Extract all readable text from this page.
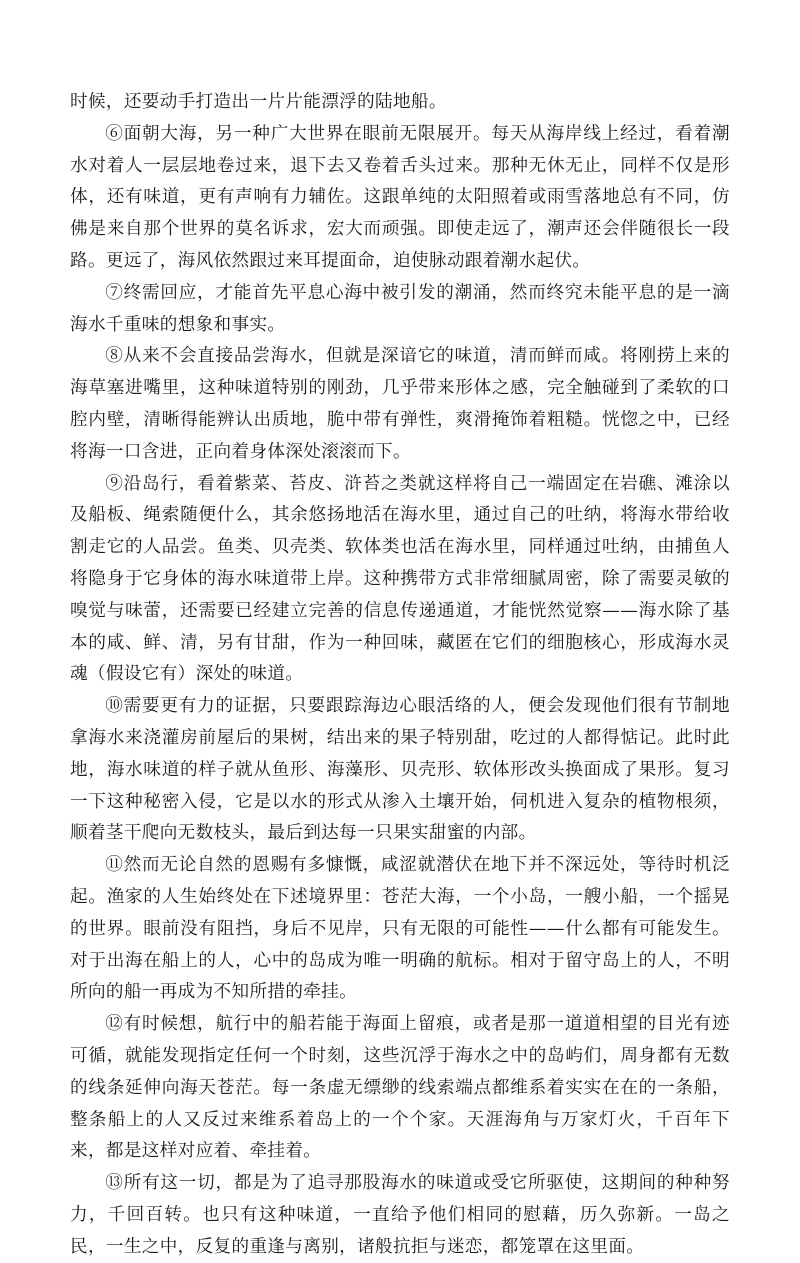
时候，还要动手打造出一片片能漂浮的陆地船。

⑥面朝大海，另一种广大世界在眼前无限展开。每天从海岸线上经过，看着潮水对着人一层层地卷过来，退下去又卷着舌头过来。那种无休无止，同样不仅是形体，还有味道，更有声响有力辅佐。这跟单纯的太阳照着或雨雪落地总有不同，仿佛是来自那个世界的莫名诉求，宏大而顽强。即使走远了，潮声还会伴随很长一段路。更远了，海风依然跟过来耳提面命，迫使脉动跟着潮水起伏。

⑦终需回应，才能首先平息心海中被引发的潮涌，然而终究未能平息的是一滴海水千重味的想象和事实。

⑧从来不会直接品尝海水，但就是深谙它的味道，清而鲜而咸。将刚捞上来的海草塞进嘴里，这种味道特别的刚劲，几乎带来形体之感，完全触碰到了柔软的口腔内壁，清晰得能辨认出质地，脆中带有弹性，爽滑掩饰着粗糙。恍惚之中，已经将海一口含进，正向着身体深处滚滚而下。

⑨沿岛行，看着紫菜、苔皮、浒苔之类就这样将自己一端固定在岩礁、滩涂以及船板、绳索随便什么，其余悠扬地活在海水里，通过自己的吐纳，将海水带给收割走它的人品尝。鱼类、贝壳类、软体类也活在海水里，同样通过吐纳，由捕鱼人将隐身于它身体的海水味道带上岸。这种携带方式非常细腻周密，除了需要灵敏的嗅觉与味蕾，还需要已经建立完善的信息传递通道，才能恍然觉察——海水除了基本的咸、鲜、清，另有甘甜，作为一种回味，藏匿在它们的细胞核心，形成海水灵魂（假设它有）深处的味道。

⑩需要更有力的证据，只要跟踪海边心眼活络的人，便会发现他们很有节制地拿海水来浇灌房前屋后的果树，结出来的果子特别甜，吃过的人都得惦记。此时此地，海水味道的样子就从鱼形、海藻形、贝壳形、软体形改头换面成了果形。复习一下这种秘密入侵，它是以水的形式从渗入土壤开始，伺机进入复杂的植物根须，顺着茎干爬向无数枝头，最后到达每一只果实甜蜜的内部。

⑪然而无论自然的恩赐有多慷慨，咸涩就潜伏在地下并不深远处，等待时机泛起。渔家的人生始终处在下述境界里：苍茫大海，一个小岛，一艘小船，一个摇晃的世界。眼前没有阻挡，身后不见岸，只有无限的可能性——什么都有可能发生。对于出海在船上的人，心中的岛成为唯一明确的航标。相对于留守岛上的人，不明所向的船一再成为不知所措的牵挂。

⑫有时候想，航行中的船若能于海面上留痕，或者是那一道道相望的目光有迹可循，就能发现指定任何一个时刻，这些沉浮于海水之中的岛屿们，周身都有无数的线条延伸向海天苍茫。每一条虚无缥缈的线索端点都维系着实实在在的一条船，整条船上的人又反过来维系着岛上的一个个家。天涯海角与万家灯火，千百年下来，都是这样对应着、牵挂着。

⑬所有这一切，都是为了追寻那股海水的味道或受它所驱使，这期间的种种努力，千回百转。也只有这种味道，一直给予他们相同的慰藉，历久弥新。一岛之民，一生之中，反复的重逢与离别，诸般抗拒与迷恋，都笼罩在这里面。
